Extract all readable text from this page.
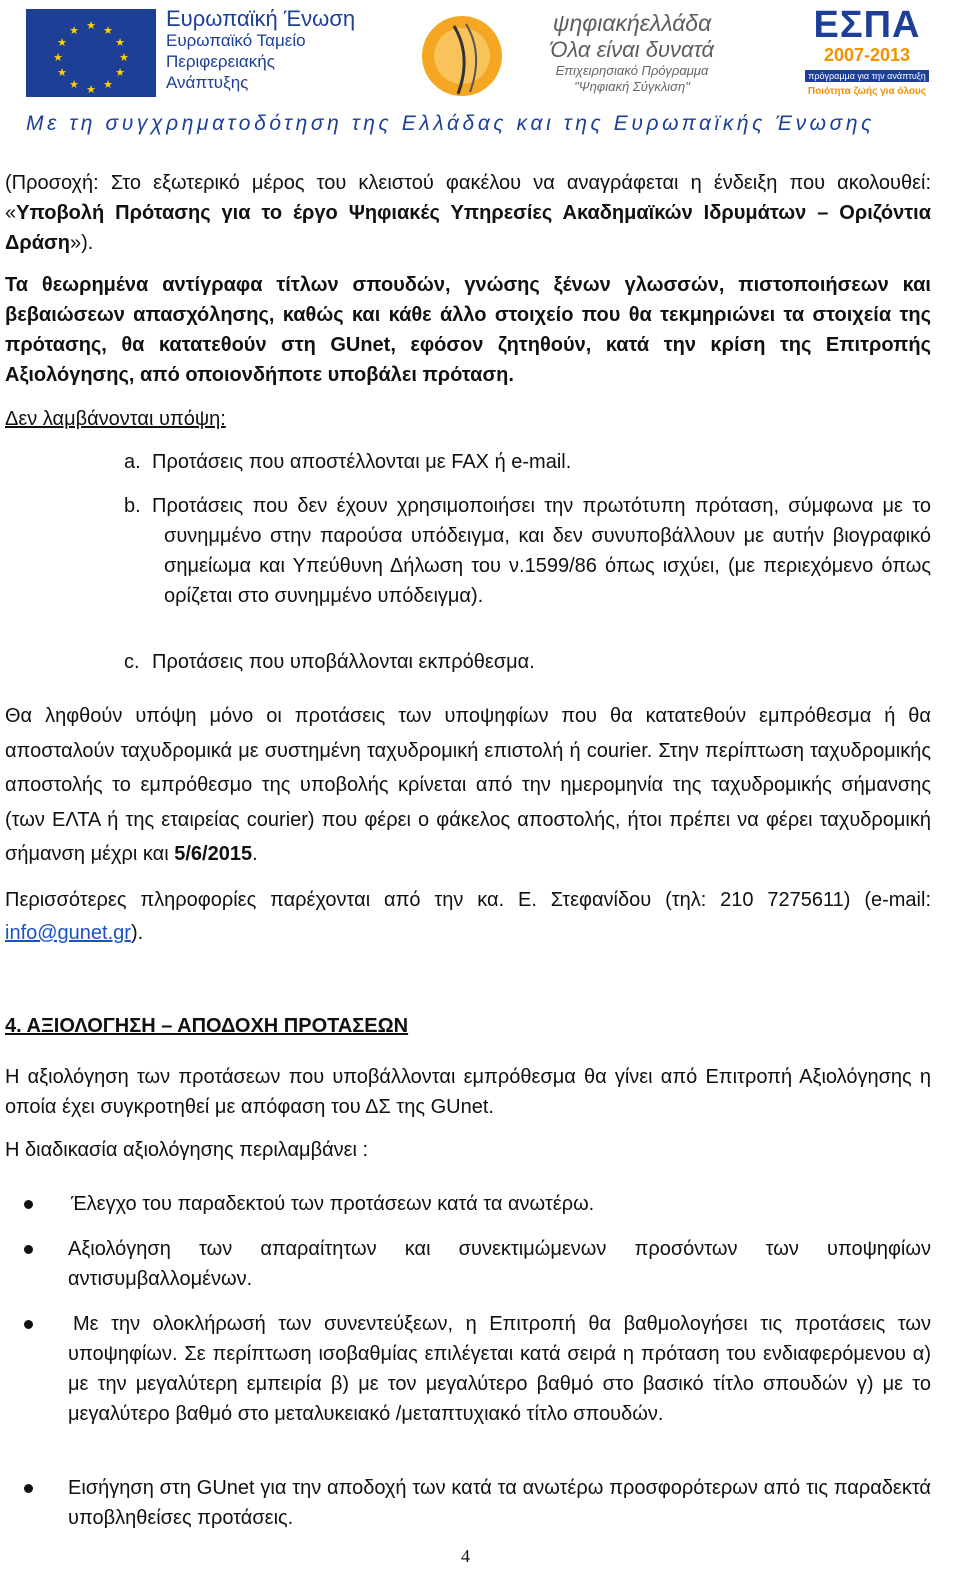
★ ★
★
★
★
★
★
★
★
★
★
★	Ευρωπαϊκή Ένωση
Ευρωπαϊκό Ταμείο
Περιφερειακής
Ανάπτυξης
ψηφιακήελλάδα
Όλα είναι δυνατά
Επιχειρησιακό Πρόγραμμα
"Ψηφιακή Σύγκλιση"
ΕΣΠΑ
2007-2013
πρόγραμμα για την ανάπτυξη
Ποιότητα ζωής για όλους
Με τη συγχρηματοδότηση της Ελλάδας και της Ευρωπαϊκής Ένωσης

(Προσοχή: Στο εξωτερικό μέρος του κλειστού φακέλου να αναγράφεται η ένδειξη που ακολουθεί: «Υποβολή Πρότασης για το έργο Ψηφιακές Υπηρεσίες Ακαδημαϊκών Ιδρυμάτων – Οριζόντια Δράση»).

Τα θεωρημένα αντίγραφα τίτλων σπουδών, γνώσης ξένων γλωσσών, πιστοποιήσεων και βεβαιώσεων απασχόλησης, καθώς και κάθε άλλο στοιχείο που θα τεκμηριώνει τα στοιχεία της πρότασης, θα κατατεθούν στη GUnet, εφόσον ζητηθούν, κατά την κρίση της Επιτροπής Αξιολόγησης, από οποιονδήποτε υποβάλει πρόταση.

Δεν λαμβάνονται υπόψη:

a. Προτάσεις που αποστέλλονται με FAX ή e-mail.

b. Προτάσεις που δεν έχουν χρησιμοποιήσει την πρωτότυπη πρόταση, σύμφωνα με το συνημμένο στην παρούσα υπόδειγμα, και δεν συνυποβάλλουν με αυτήν βιογραφικό σημείωμα και Υπεύθυνη Δήλωση του ν.1599/86 όπως ισχύει, (με περιεχόμενο όπως ορίζεται στο συνημμένο υπόδειγμα).

c. Προτάσεις που υποβάλλονται εκπρόθεσμα.

Θα ληφθούν υπόψη μόνο οι προτάσεις των υποψηφίων που θα κατατεθούν εμπρόθεσμα ή θα αποσταλούν ταχυδρομικά με συστημένη ταχυδρομική επιστολή ή courier. Στην περίπτωση ταχυδρομικής αποστολής το εμπρόθεσμο της υποβολής κρίνεται από την ημερομηνία της ταχυδρομικής σήμανσης (των ΕΛΤΑ ή της εταιρείας courier) που φέρει ο φάκελος αποστολής, ήτοι πρέπει να φέρει ταχυδρομική σήμανση μέχρι και 5/6/2015.

Περισσότερες πληροφορίες παρέχονται από την κα. Ε. Στεφανίδου (τηλ: 210 7275611) (e-mail: info@gunet.gr).

4. ΑΞΙΟΛΟΓΗΣΗ – ΑΠΟΔΟΧΗ ΠΡΟΤΑΣΕΩΝ

Η αξιολόγηση των προτάσεων που υποβάλλονται εμπρόθεσμα θα γίνει από Επιτροπή Αξιολόγησης η οποία έχει συγκροτηθεί με απόφαση του ΔΣ της GUnet.

Η διαδικασία αξιολόγησης περιλαμβάνει :

Έλεγχο του παραδεκτού των προτάσεων κατά τα ανωτέρω.

Αξιολόγηση των απαραίτητων και συνεκτιμώμενων προσόντων των υποψηφίων αντισυμβαλλομένων.

Με την ολοκλήρωσή των συνεντεύξεων, η Επιτροπή θα βαθμολογήσει τις προτάσεις των υποψηφίων. Σε περίπτωση ισοβαθμίας επιλέγεται κατά σειρά η πρόταση του ενδιαφερόμενου α) με την μεγαλύτερη εμπειρία β) με τον μεγαλύτερο βαθμό στο βασικό τίτλο σπουδών γ) με το μεγαλύτερο βαθμό στο μεταλυκειακό /μεταπτυχιακό τίτλο σπουδών.

Εισήγηση στη GUnet για την αποδοχή των κατά τα ανωτέρω προσφορότερων από τις παραδεκτά υποβληθείσες προτάσεις.

4
